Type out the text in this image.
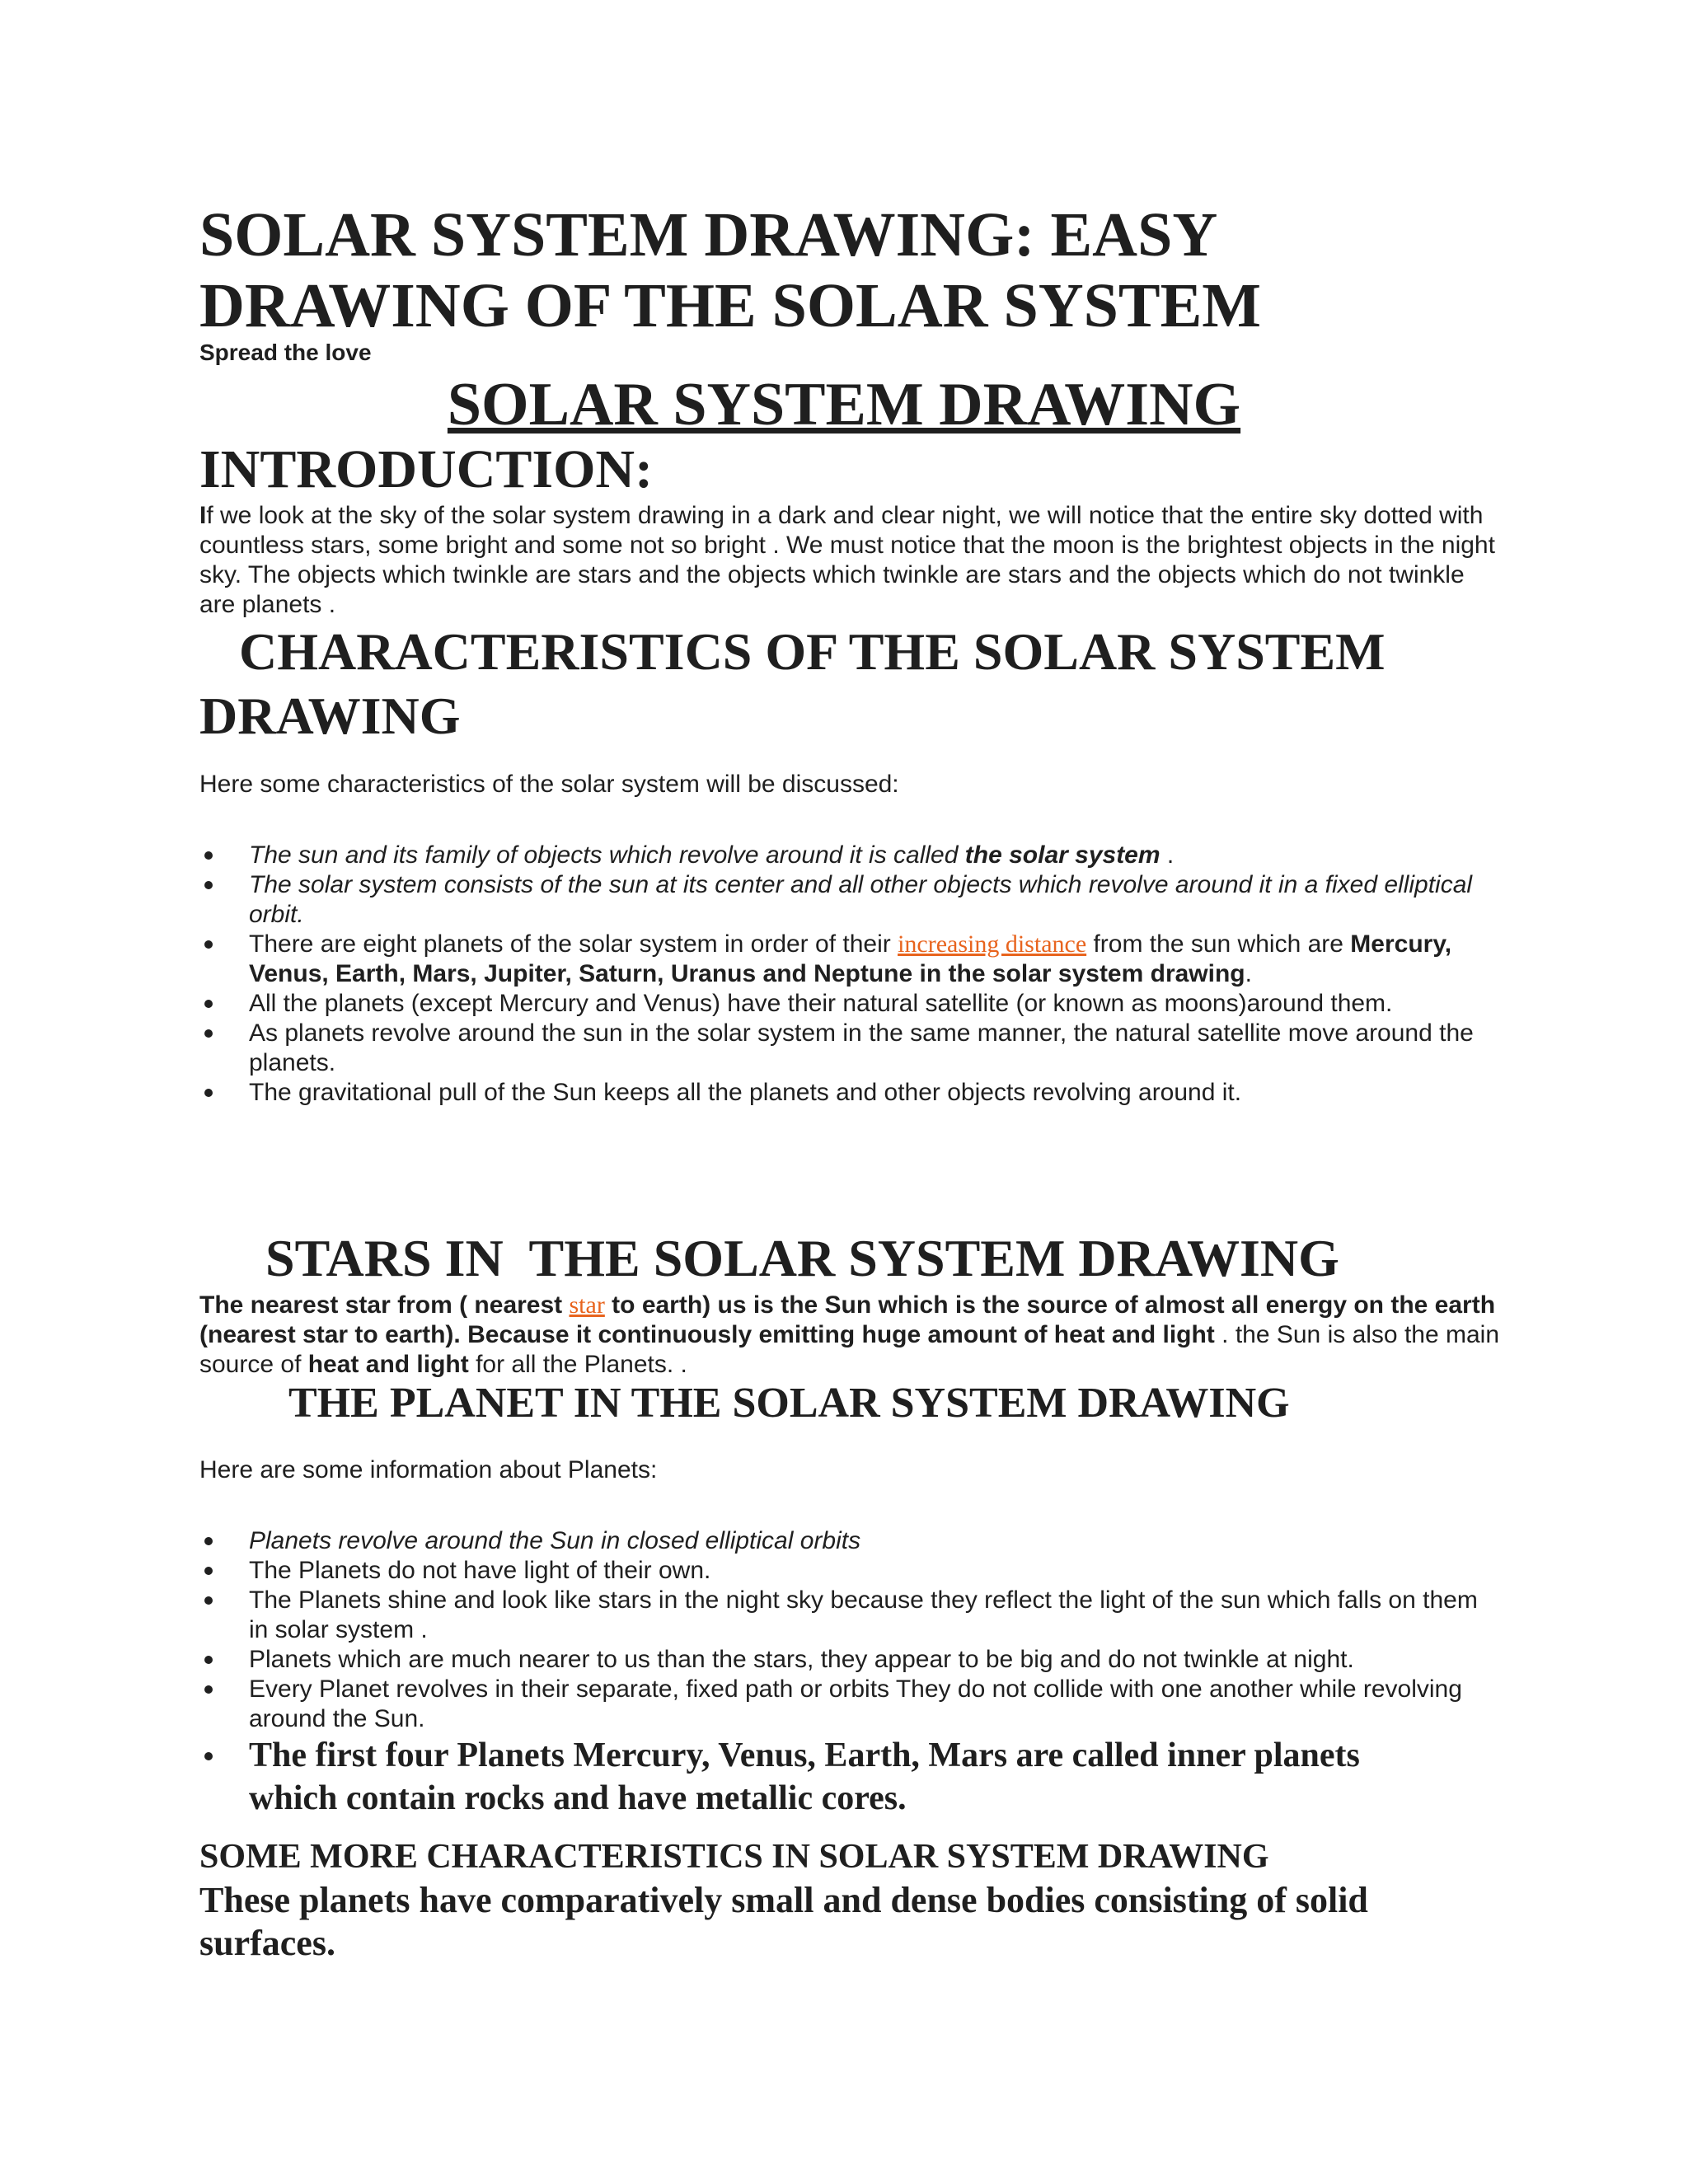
SOLAR SYSTEM DRAWING: EASY DRAWING OF THE SOLAR SYSTEM
Spread the love
SOLAR SYSTEM DRAWING
INTRODUCTION:

If we look at the sky of the solar system drawing in a dark and clear night, we will notice that the entire sky dotted with countless stars, some bright and some not so bright . We must notice that the moon is the brightest objects in the night sky. The objects which twinkle are stars and the objects which twinkle are stars and the objects which do not twinkle are planets .

CHARACTERISTICS OF THE SOLAR SYSTEM DRAWING

Here some characteristics of the solar system will be discussed:

The sun and its family of objects which revolve around it is called the solar system .
The solar system consists of the sun at its center and all other objects which revolve around it in a fixed elliptical orbit.
There are eight planets of the solar system in order of their increasing distance from the sun which are Mercury, Venus, Earth, Mars, Jupiter, Saturn, Uranus and Neptune in the solar system drawing.
All the planets (except Mercury and Venus) have their natural satellite (or known as moons)around them.
As planets revolve around the sun in the solar system in the same manner, the natural satellite move around the planets.
The gravitational pull of the Sun keeps all the planets and other objects revolving around it.
STARS IN  THE SOLAR SYSTEM DRAWING

The nearest star from ( nearest star to earth) us is the Sun which is the source of almost all energy on the earth (nearest star to earth). Because it continuously emitting huge amount of heat and light . the Sun is also the main source of heat and light for all the Planets. .

THE PLANET IN THE SOLAR SYSTEM DRAWING

Here are some information about Planets:

Planets revolve around the Sun in closed elliptical orbits
The Planets do not have light of their own.
The Planets shine and look like stars in the night sky because they reflect the light of the sun which falls on them in solar system .
Planets which are much nearer to us than the stars, they appear to be big and do not twinkle at night.
Every Planet revolves in their separate, fixed path or orbits They do not collide with one another while revolving around the Sun.
The first four Planets Mercury, Venus, Earth, Mars are called inner planets which contain rocks and have metallic cores.
SOME MORE CHARACTERISTICS IN SOLAR SYSTEM DRAWING

These planets have comparatively small and dense bodies consisting of solid surfaces.
